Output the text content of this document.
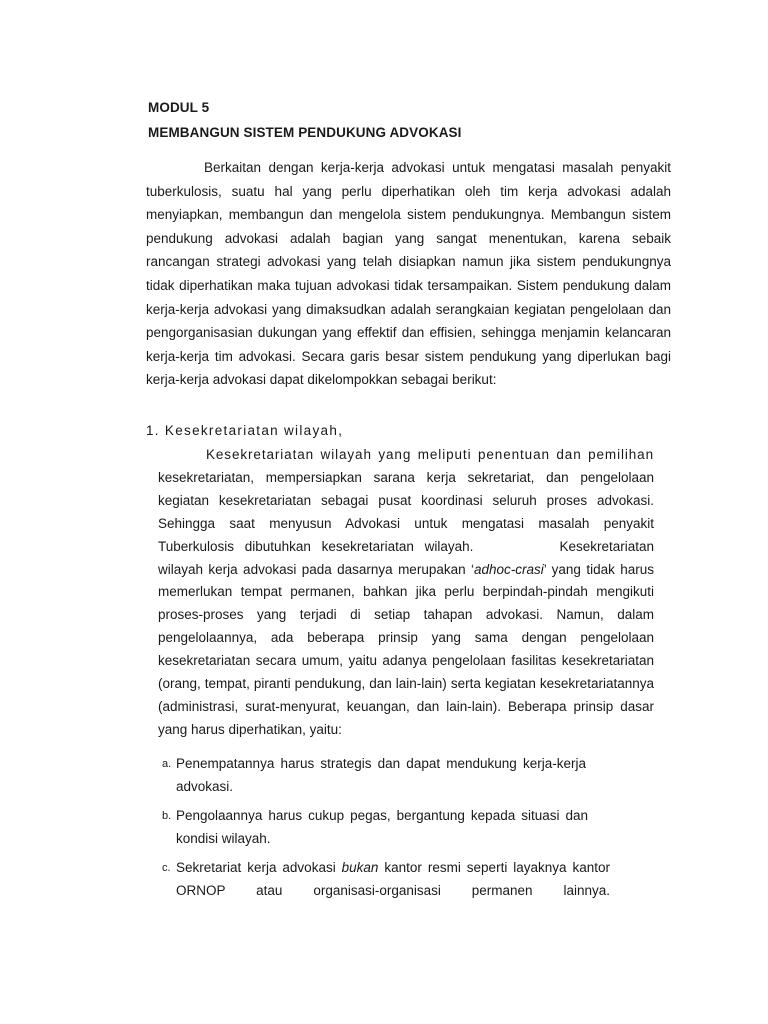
MODUL 5
MEMBANGUN SISTEM PENDUKUNG ADVOKASI

Berkaitan dengan kerja-kerja advokasi untuk mengatasi masalah penyakit tuberkulosis, suatu hal yang perlu diperhatikan oleh tim kerja advokasi adalah menyiapkan, membangun dan mengelola sistem pendukungnya. Membangun sistem pendukung advokasi adalah bagian yang sangat menentukan, karena sebaik rancangan strategi advokasi yang telah disiapkan namun jika sistem pendukungnya tidak diperhatikan maka tujuan advokasi tidak tersampaikan. Sistem pendukung dalam kerja-kerja advokasi yang dimaksudkan adalah serangkaian kegiatan pengelolaan dan pengorganisasian dukungan yang effektif dan effisien, sehingga menjamin kelancaran kerja-kerja tim advokasi. Secara garis besar sistem pendukung yang diperlukan bagi kerja-kerja advokasi dapat dikelompokkan sebagai berikut:

1. Kesekretariatan wilayah,

Kesekretariatan wilayah yang meliputi penentuan dan pemilihan kesekretariatan, mempersiapkan sarana kerja sekretariat, dan pengelolaan kegiatan kesekretariatan sebagai pusat koordinasi seluruh proses advokasi. Sehingga saat menyusun Advokasi untuk mengatasi masalah penyakit Tuberkulosis dibutuhkan kesekretariatan wilayah.	Kesekretariatan wilayah kerja advokasi pada dasarnya merupakan ‘adhoc-crasi’ yang tidak harus memerlukan tempat permanen, bahkan jika perlu berpindah-pindah mengikuti proses-proses yang terjadi di setiap tahapan advokasi. Namun, dalam pengelolaannya, ada beberapa prinsip yang sama dengan pengelolaan kesekretariatan secara umum, yaitu adanya pengelolaan fasilitas kesekretariatan (orang, tempat, piranti pendukung, dan lain-lain) serta kegiatan kesekretariatannya (administrasi, surat-menyurat, keuangan, dan lain-lain). Beberapa prinsip dasar yang harus diperhatikan, yaitu:

a. Penempatannya harus strategis dan dapat mendukung kerja-kerja advokasi.
b. Pengolaannya harus cukup pegas, bergantung kepada situasi dan kondisi wilayah.
c. Sekretariat kerja advokasi bukan kantor resmi seperti layaknya kantor ORNOP atau organisasi-organisasi permanen lainnya.
